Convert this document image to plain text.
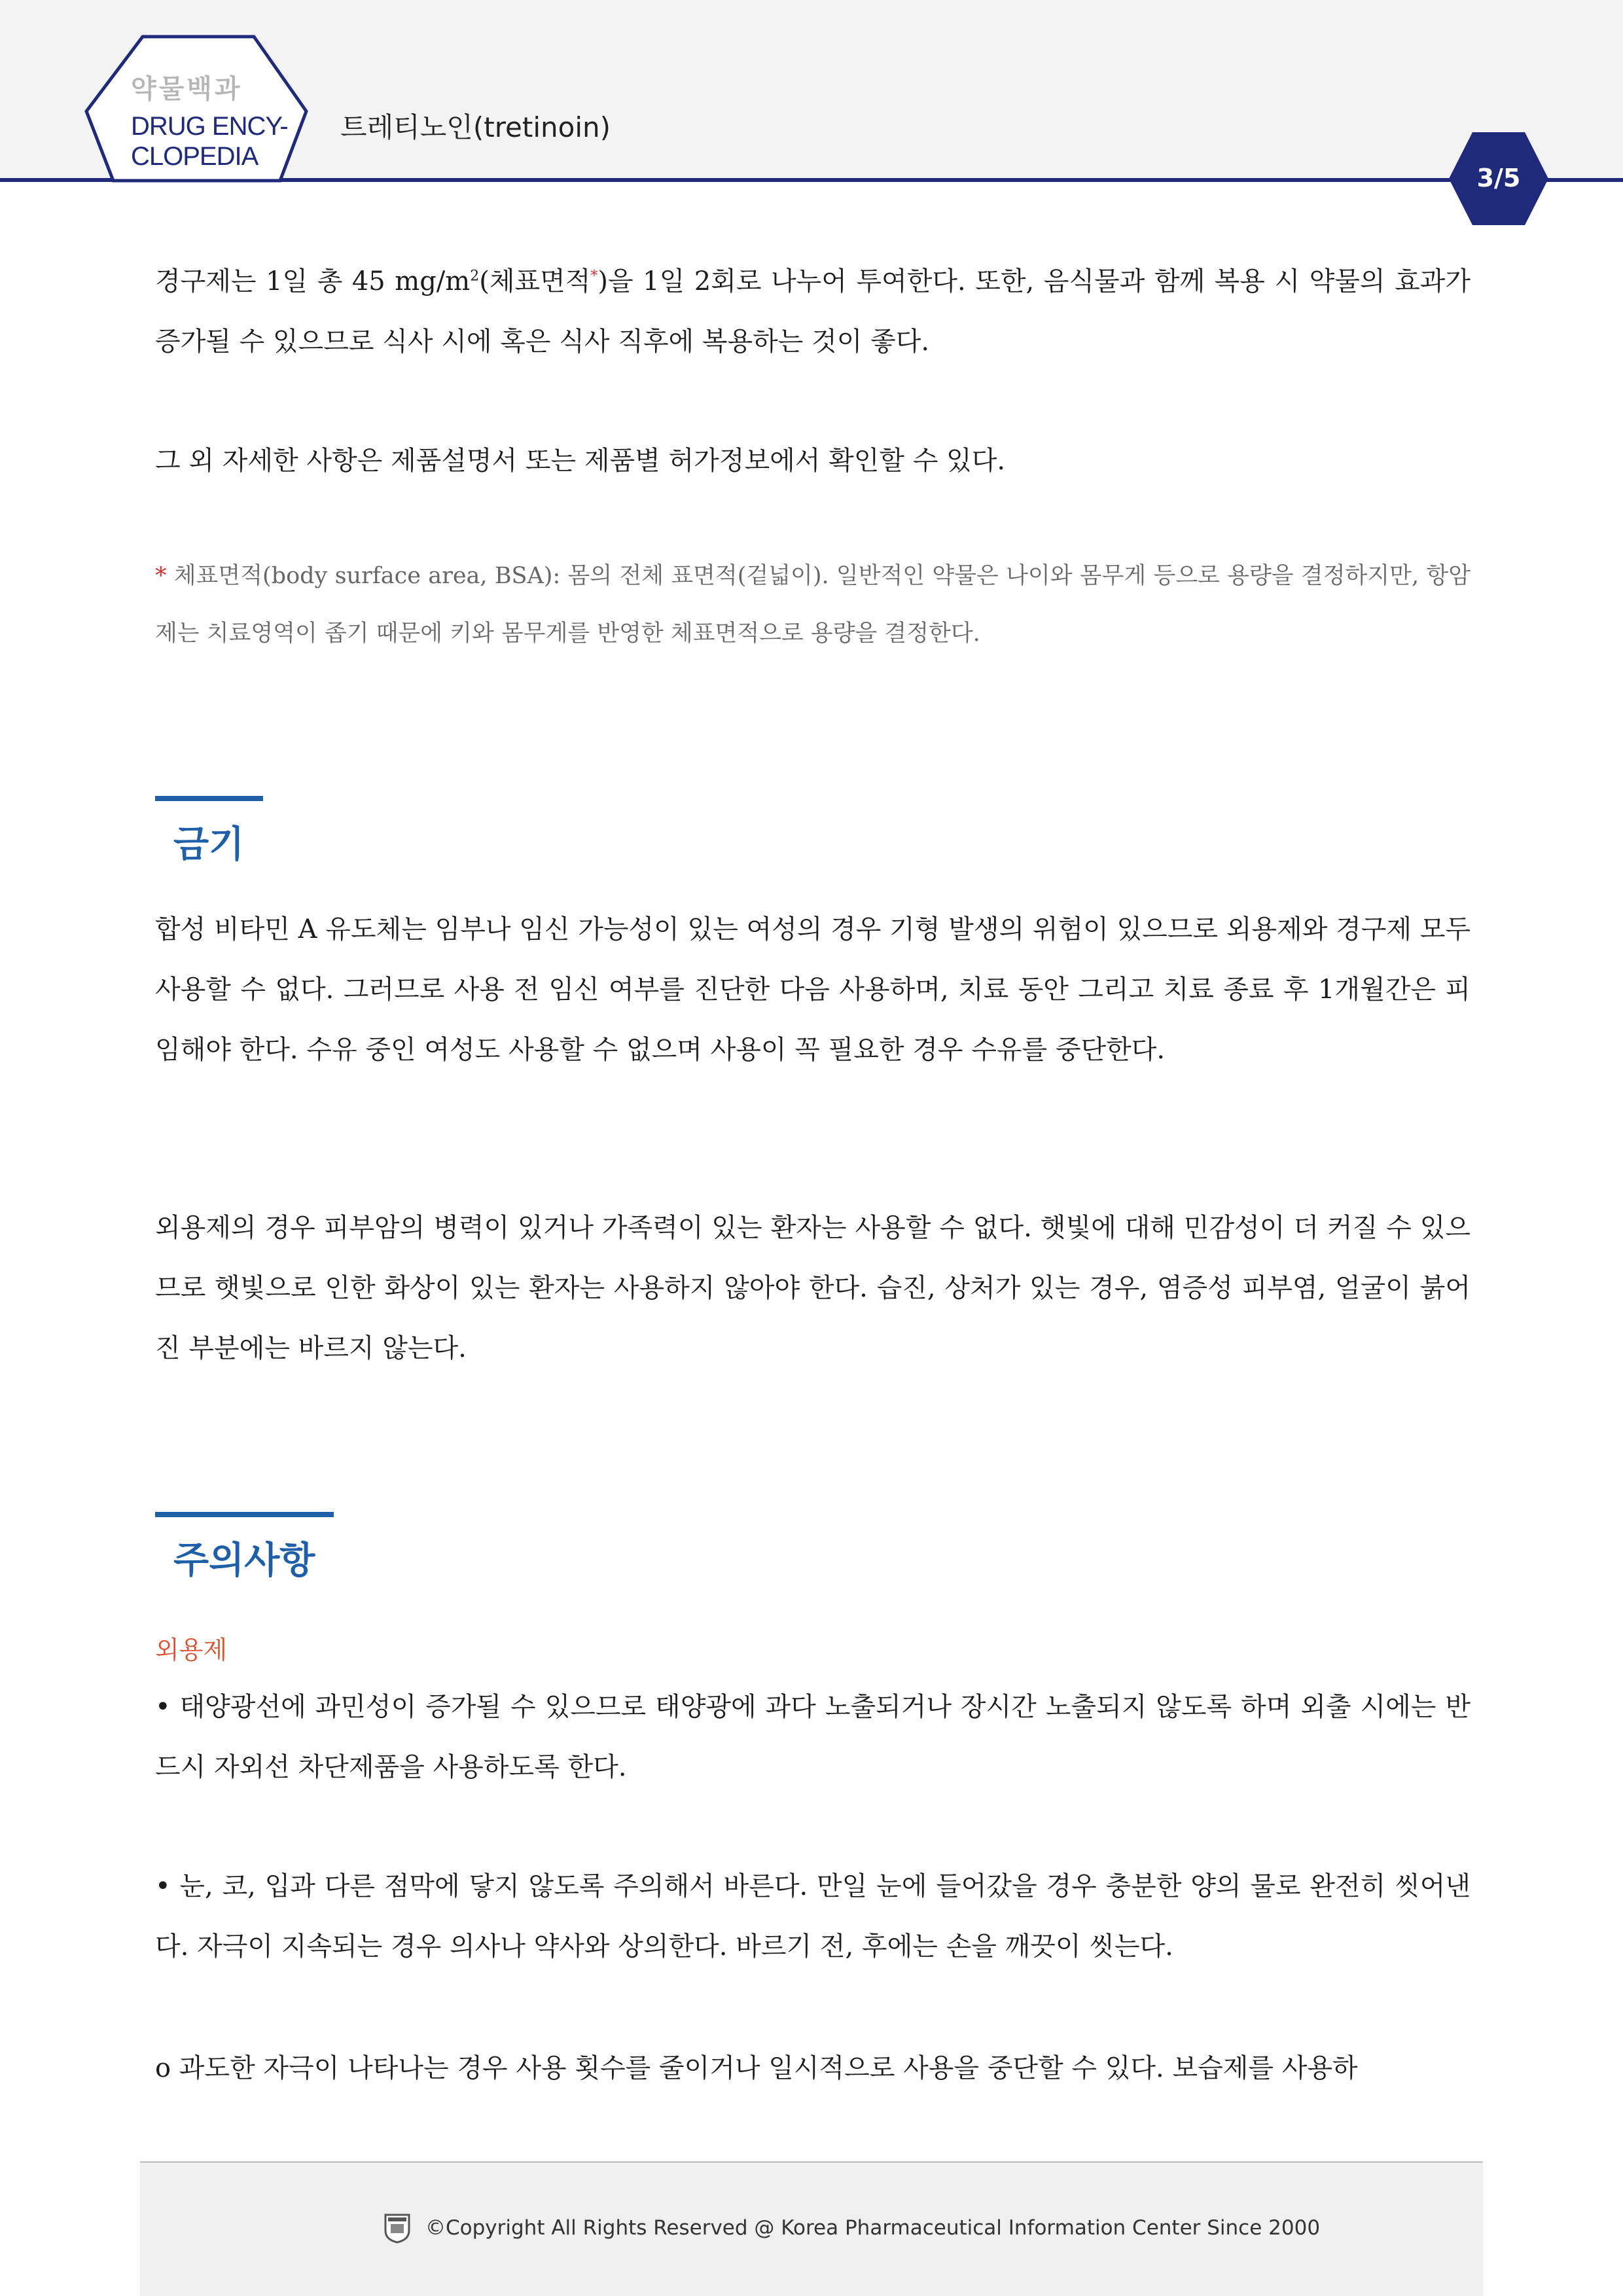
약물백과
DRUG ENCY-
CLOPEDIA
트레티노인(tretinoin)
3/5
경구제는 1일 총 45 $mg/m^2$(체표면적*)을 1일 2회로 나누어 투여한다. 또한, 음식물과 함께 복용 시 약물의 효과가 증가될 수 있으므로 식사 시에 혹은 식사 직후에 복용하는 것이 좋다.
그 외 자세한 사항은 제품설명서 또는 제품별 허가정보에서 확인할 수 있다.
* 체표면적(body surface area, BSA): 몸의 전체 표면적(겉넓이). 일반적인 약물은 나이와 몸무게 등으로 용량을 결정하지만, 항암제는 치료영역이 좁기 때문에 키와 몸무게를 반영한 체표면적으로 용량을 결정한다.
금기
합성 비타민 A 유도체는 임부나 임신 가능성이 있는 여성의 경우 기형 발생의 위험이 있으므로 외용제와 경구제 모두 사용할 수 없다. 그러므로 사용 전 임신 여부를 진단한 다음 사용하며, 치료 동안 그리고 치료 종료 후 1개월간은 피임해야 한다. 수유 중인 여성도 사용할 수 없으며 사용이 꼭 필요한 경우 수유를 중단한다.
외용제의 경우 피부암의 병력이 있거나 가족력이 있는 환자는 사용할 수 없다. 햇빛에 대해 민감성이 더 커질 수 있으므로 햇빛으로 인한 화상이 있는 환자는 사용하지 않아야 한다. 습진, 상처가 있는 경우, 염증성 피부염, 얼굴이 붉어진 부분에는 바르지 않는다.
주의사항
외용제
• 태양광선에 과민성이 증가될 수 있으므로 태양광에 과다 노출되거나 장시간 노출되지 않도록 하며 외출 시에는 반드시 자외선 차단제품을 사용하도록 한다.
• 눈, 코, 입과 다른 점막에 닿지 않도록 주의해서 바른다. 만일 눈에 들어갔을 경우 충분한 양의 물로 완전히 씻어낸다. 자극이 지속되는 경우 의사나 약사와 상의한다. 바르기 전, 후에는 손을 깨끗이 씻는다.
o 과도한 자극이 나타나는 경우 사용 횟수를 줄이거나 일시적으로 사용을 중단할 수 있다. 보습제를 사용하
©Copyright All Rights Reserved @ Korea Pharmaceutical Information Center Since 2000
